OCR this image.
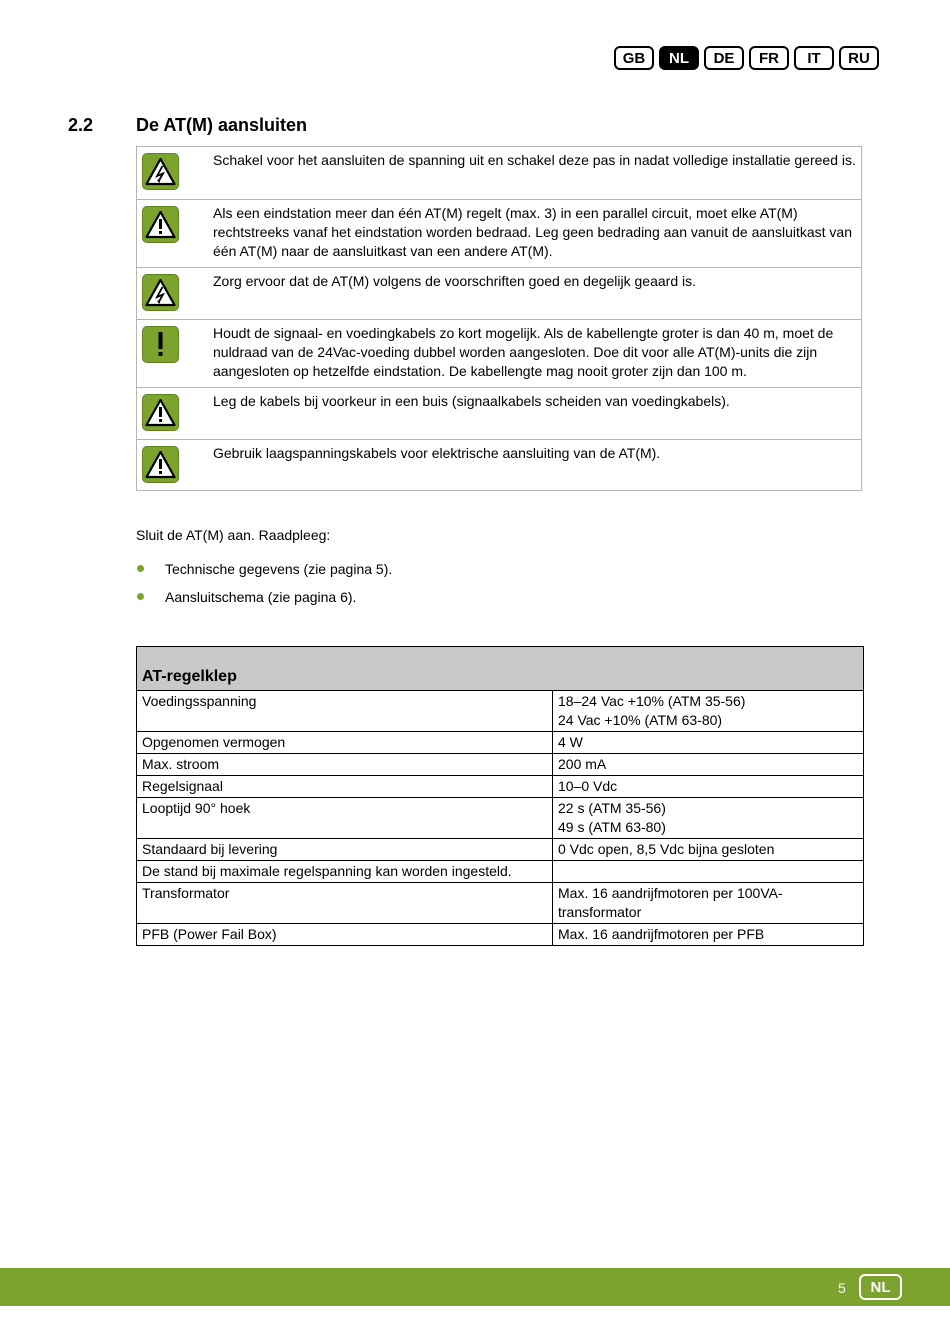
GB	NL	DE	FR	IT	RU
2.2 De AT(M) aansluiten
Schakel voor het aansluiten de spanning uit en schakel deze pas in nadat volledige installatie gereed is.
Als een eindstation meer dan één AT(M) regelt (max. 3) in een parallel circuit, moet elke AT(M) rechtstreeks vanaf het eindstation worden bedraad. Leg geen bedrading aan vanuit de aansluitkast van één AT(M) naar de aansluitkast van een andere AT(M).
Zorg ervoor dat de AT(M) volgens de voorschriften goed en degelijk geaard is.
Houdt de signaal- en voedingkabels zo kort mogelijk. Als de kabellengte groter is dan 40 m, moet de nuldraad van de 24Vac-voeding dubbel worden aangesloten. Doe dit voor alle AT(M)-units die zijn aangesloten op hetzelfde eindstation. De kabellengte mag nooit groter zijn dan 100 m.
Leg de kabels bij voorkeur in een buis (signaalkabels scheiden van voedingkabels).
Gebruik laagspanningskabels voor elektrische aansluiting van de AT(M).
Sluit de AT(M) aan. Raadpleeg:
Technische gegevens (zie pagina 5).
Aansluitschema (zie pagina 6).
AT-regelklep	
Voedingsspanning	18–24 Vac +10% (ATM 35-56)
24 Vac +10% (ATM 63-80)
Opgenomen vermogen	4 W
Max. stroom	200 mA
Regelsignaal	10–0 Vdc
Looptijd 90° hoek	22 s (ATM 35-56)
49 s (ATM 63-80)
Standaard bij levering	0 Vdc open, 8,5 Vdc bijna gesloten
De stand bij maximale regelspanning kan worden ingesteld.	
Transformator	Max. 16 aandrijfmotoren per 100VA-
transformator
PFB (Power Fail Box)	Max. 16 aandrijfmotoren per PFB
5	NL
